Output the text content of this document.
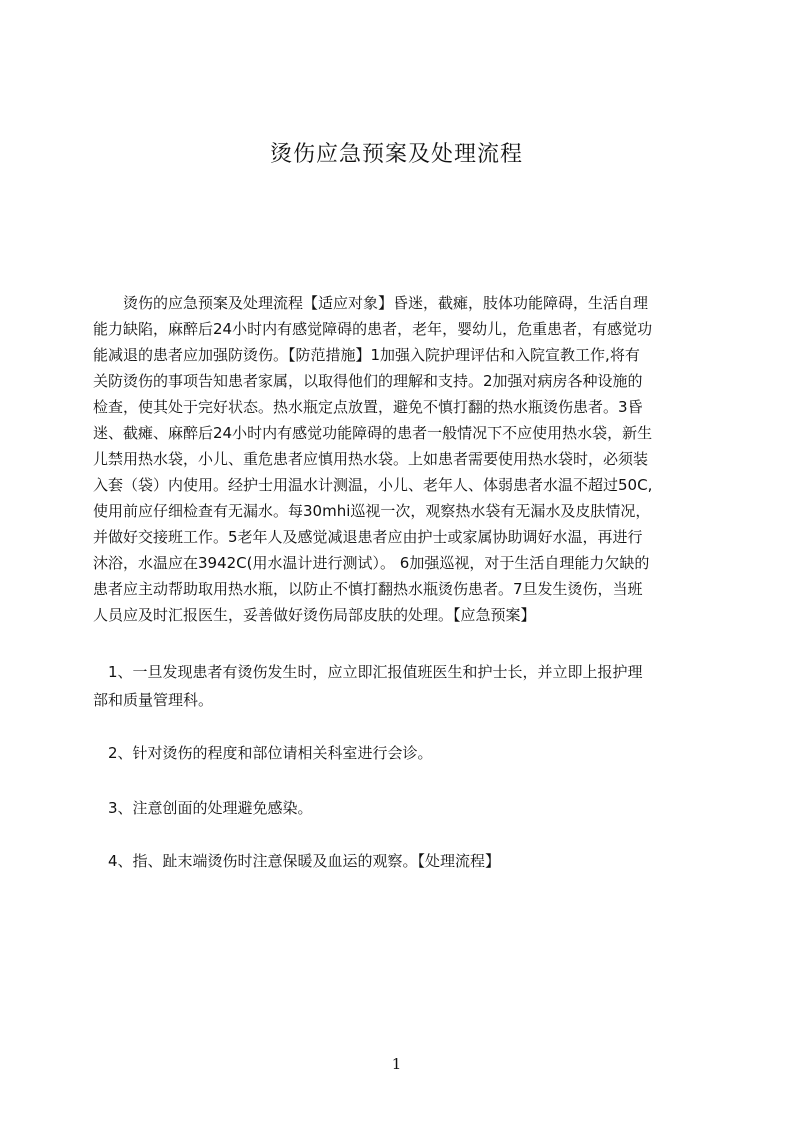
烫伤应急预案及处理流程
　　烫伤的应急预案及处理流程【适应对象】昏迷，截瘫，肢体功能障碍，生活自理
能力缺陷，麻醉后24小时内有感觉障碍的患者，老年，婴幼儿，危重患者，有感觉功
能减退的患者应加强防烫伤。【防范措施】1加强入院护理评估和入院宣教工作,将有
关防烫伤的事项告知患者家属，以取得他们的理解和支持。2加强对病房各种设施的
检查，使其处于完好状态。热水瓶定点放置，避免不慎打翻的热水瓶烫伤患者。3昏
迷、截瘫、麻醉后24小时内有感觉功能障碍的患者一般情况下不应使用热水袋，新生
儿禁用热水袋，小儿、重危患者应慎用热水袋。上如患者需要使用热水袋时，必须装
入套（袋）内使用。经护士用温水计测温，小儿、老年人、体弱患者水温不超过50C,
使用前应仔细检查有无漏水。每30mhi巡视一次，观察热水袋有无漏水及皮肤情况，
并做好交接班工作。5老年人及感觉减退患者应由护士或家属协助调好水温，再进行
沐浴，水温应在3942C(用水温计进行测试）。 6加强巡视，对于生活自理能力欠缺的
患者应主动帮助取用热水瓶，以防止不慎打翻热水瓶烫伤患者。7旦发生烫伤，当班
人员应及时汇报医生，妥善做好烫伤局部皮肤的处理。【应急预案】
　1、一旦发现患者有烫伤发生时，应立即汇报值班医生和护士长，并立即上报护理
部和质量管理科。
　2、针对烫伤的程度和部位请相关科室进行会诊。
　3、注意创面的处理避免感染。
　4、指、趾末端烫伤时注意保暖及血运的观察。【处理流程】
1
